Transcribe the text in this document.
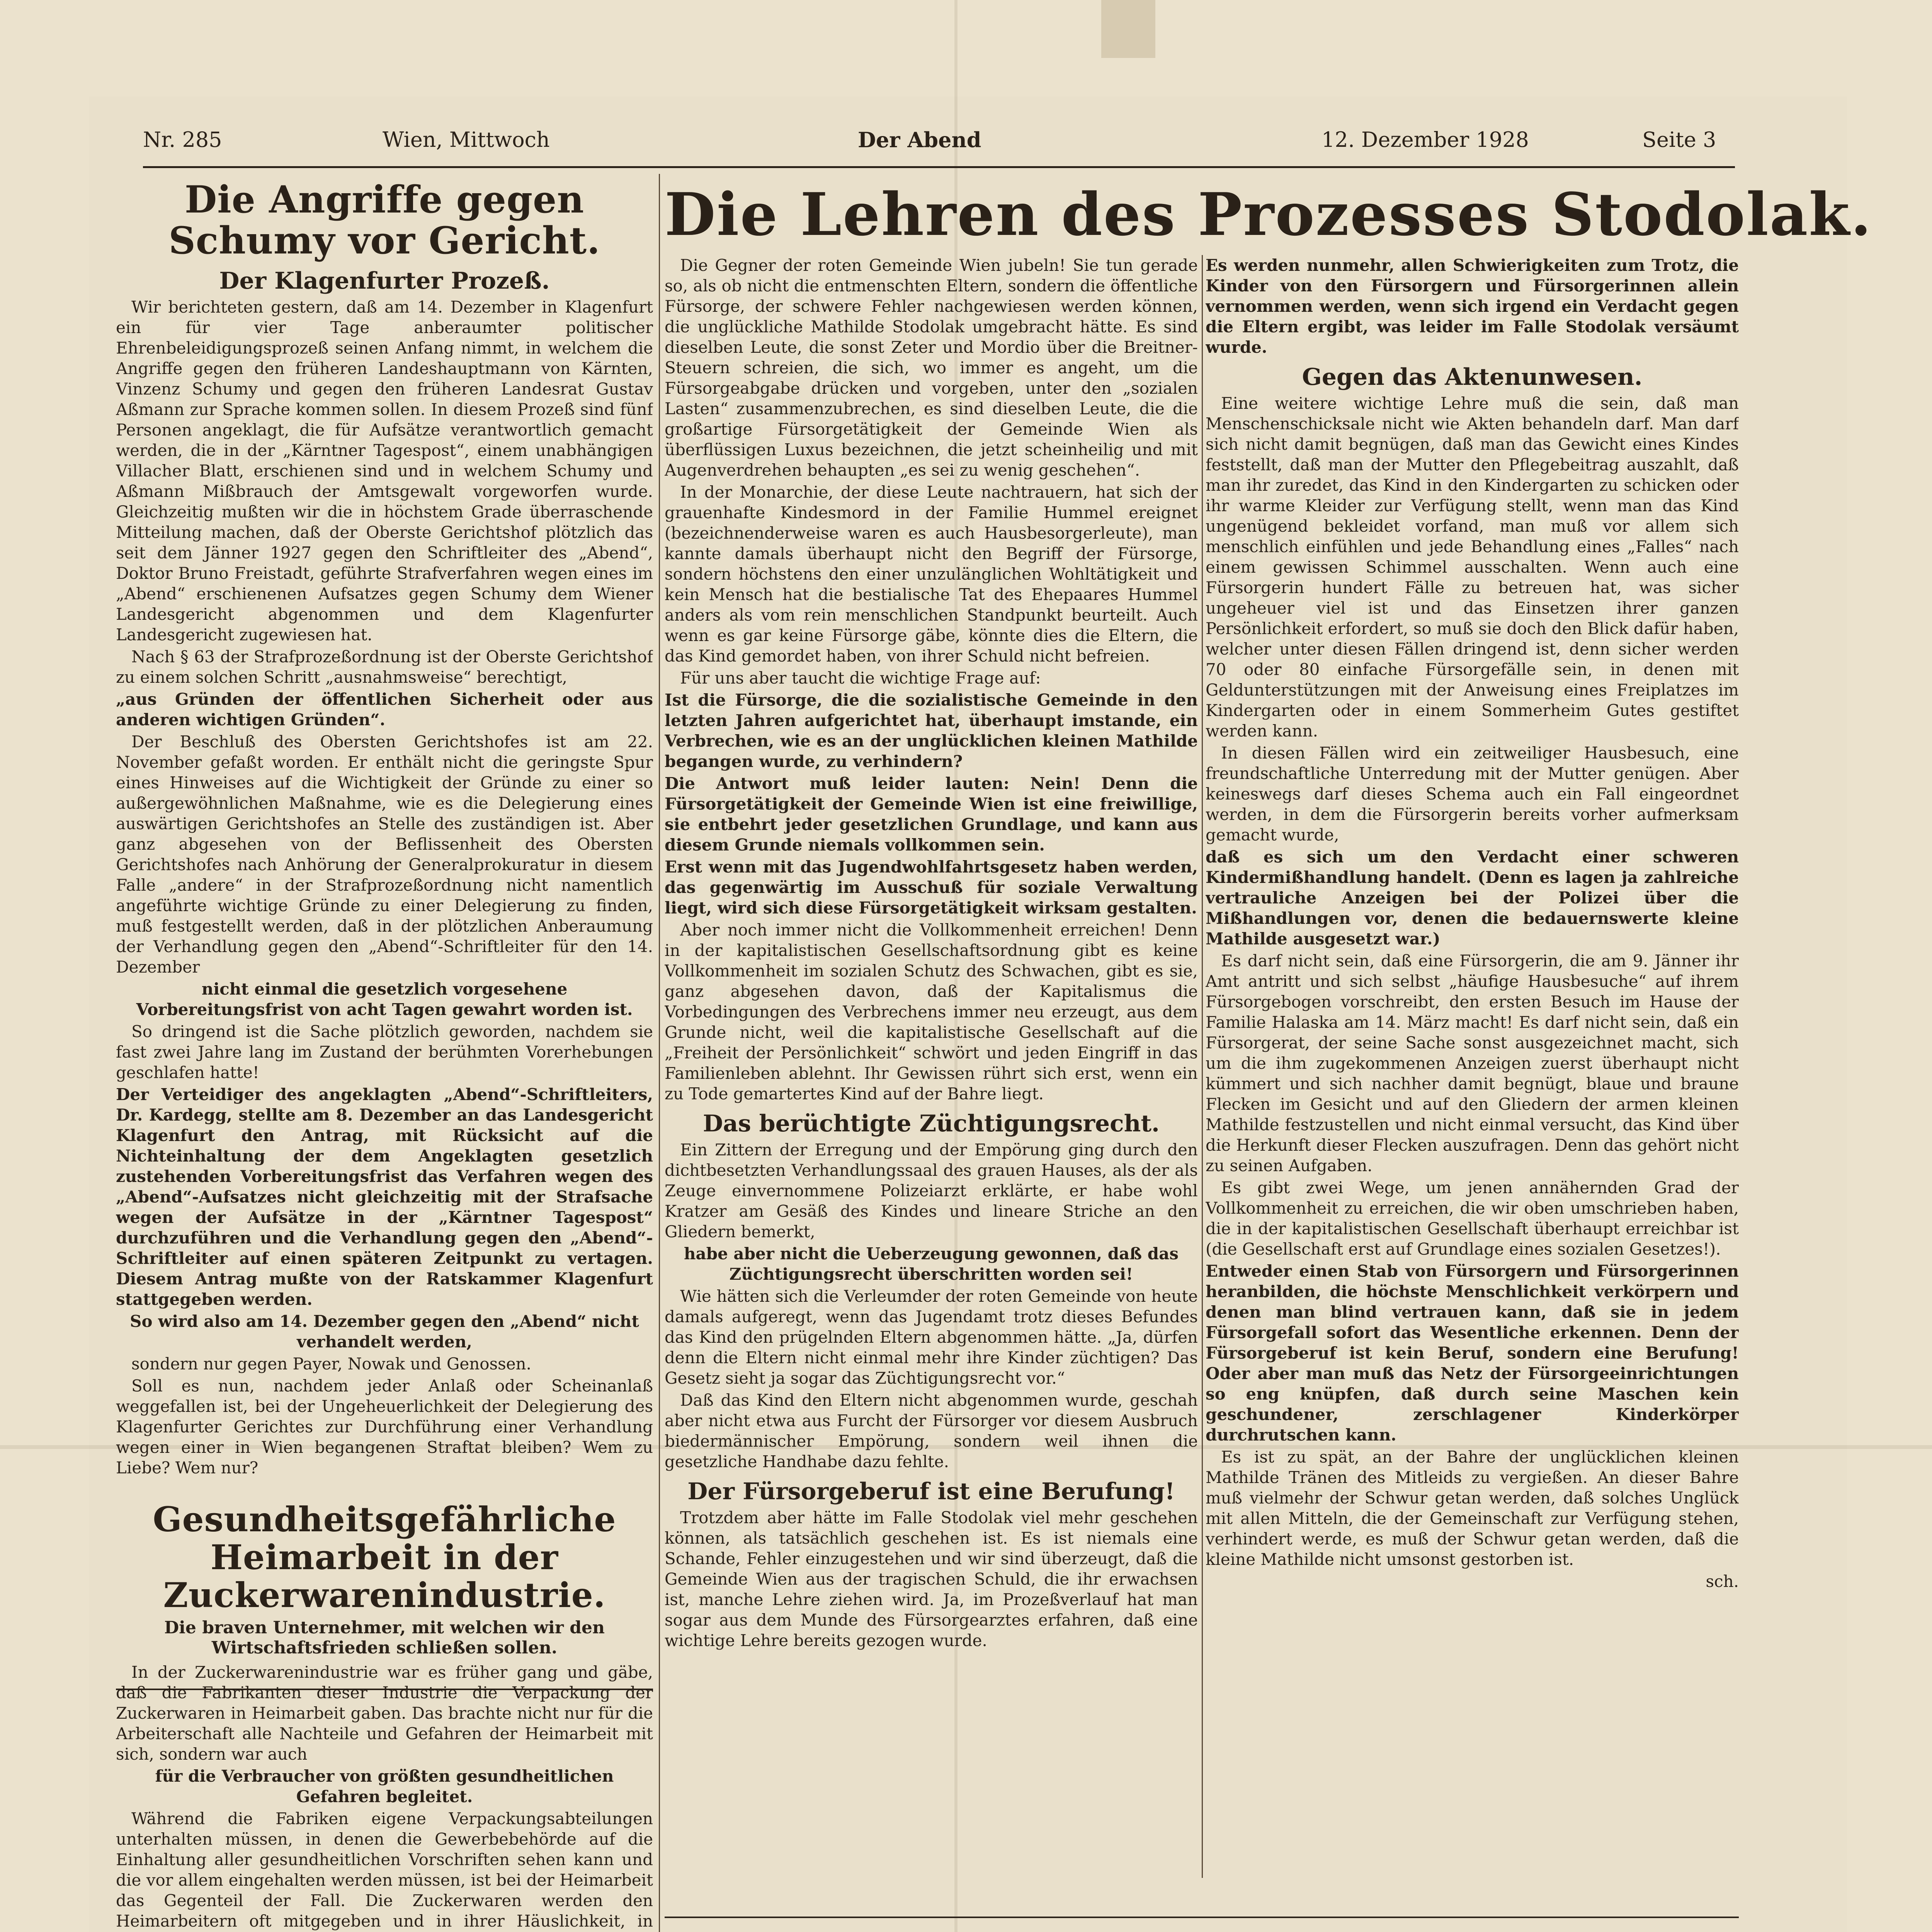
Nr. 285	Wien, Mittwoch	Der Abend	12. Dezember 1928	Seite 3
Die Angriffe gegen Schumy vor Gericht.
Der Klagenfurter Prozeß.

Wir berichteten gestern, daß am 14. Dezember in Klagenfurt ein für vier Tage anberaumter politischer Ehrenbeleidigungsprozeß seinen Anfang nimmt, in welchem die Angriffe gegen den früheren Landeshauptmann von Kärnten, Vinzenz Schumy und gegen den früheren Landesrat Gustav Aßmann zur Sprache kommen sollen. In diesem Prozeß sind fünf Personen angeklagt, die für Aufsätze verantwortlich gemacht werden, die in der „Kärntner Tagespost“, einem unabhängigen Villacher Blatt, erschienen sind und in welchem Schumy und Aßmann Mißbrauch der Amtsgewalt vorgeworfen wurde. Gleichzeitig mußten wir die in höchstem Grade überraschende Mitteilung machen, daß der Oberste Gerichtshof plötzlich das seit dem Jänner 1927 gegen den Schriftleiter des „Abend“, Doktor Bruno Freistadt, geführte Strafverfahren wegen eines im „Abend“ erschienenen Aufsatzes gegen Schumy dem Wiener Landesgericht abgenommen und dem Klagenfurter Landesgericht zugewiesen hat.

Nach § 63 der Strafprozeßordnung ist der Oberste Gerichtshof zu einem solchen Schritt „ausnahmsweise“ berechtigt,

„aus Gründen der öffentlichen Sicherheit oder aus anderen wichtigen Gründen“.

Der Beschluß des Obersten Gerichtshofes ist am 22. November gefaßt worden. Er enthält nicht die geringste Spur eines Hinweises auf die Wichtigkeit der Gründe zu einer so außergewöhnlichen Maßnahme, wie es die Delegierung eines auswärtigen Gerichtshofes an Stelle des zuständigen ist. Aber ganz abgesehen von der Beflissenheit des Obersten Gerichtshofes nach Anhörung der Generalprokuratur in diesem Falle „andere“ in der Strafprozeßordnung nicht namentlich angeführte wichtige Gründe zu einer Delegierung zu finden, muß festgestellt werden, daß in der plötzlichen Anberaumung der Verhandlung gegen den „Abend“-Schriftleiter für den 14. Dezember

nicht einmal die gesetzlich vorgesehene Vorbereitungsfrist von acht Tagen gewahrt worden ist.

So dringend ist die Sache plötzlich geworden, nachdem sie fast zwei Jahre lang im Zustand der berühmten Vorerhebungen geschlafen hatte!

Der Verteidiger des angeklagten „Abend“-Schriftleiters, Dr. Kardegg, stellte am 8. Dezember an das Landesgericht Klagenfurt den Antrag, mit Rücksicht auf die Nichteinhaltung der dem Angeklagten gesetzlich zustehenden Vorbereitungsfrist das Verfahren wegen des „Abend“-Aufsatzes nicht gleichzeitig mit der Strafsache wegen der Aufsätze in der „Kärntner Tagespost“ durchzuführen und die Verhandlung gegen den „Abend“-Schriftleiter auf einen späteren Zeitpunkt zu vertagen. Diesem Antrag mußte von der Ratskammer Klagenfurt stattgegeben werden.

So wird also am 14. Dezember gegen den „Abend“ nicht verhandelt werden,

sondern nur gegen Payer, Nowak und Genossen.

Soll es nun, nachdem jeder Anlaß oder Scheinanlaß weggefallen ist, bei der Ungeheuerlichkeit der Delegierung des Klagenfurter Gerichtes zur Durchführung einer Verhandlung wegen einer in Wien begangenen Straftat bleiben? Wem zu Liebe? Wem nur?

Gesundheitsgefährliche Heimarbeit in der Zuckerwarenindustrie.
Die braven Unternehmer, mit welchen wir den Wirtschaftsfrieden schließen sollen.

In der Zuckerwarenindustrie war es früher gang und gäbe, daß die Fabrikanten dieser Industrie die Verpackung der Zuckerwaren in Heimarbeit gaben. Das brachte nicht nur für die Arbeiterschaft alle Nachteile und Gefahren der Heimarbeit mit sich, sondern war auch

für die Verbraucher von größten gesundheitlichen Gefahren begleitet.

Während die Fabriken eigene Verpackungsabteilungen unterhalten müssen, in denen die Gewerbebehörde auf die Einhaltung aller gesundheitlichen Vorschriften sehen kann und die vor allem eingehalten werden müssen, ist bei der Heimarbeit das Gegenteil der Fall. Die Zuckerwaren werden den Heimarbeitern oft mitgegeben und in ihrer Häuslichkeit, in

Die Lehren des Prozesses Stodolak.

Die Gegner der roten Gemeinde Wien jubeln! Sie tun gerade so, als ob nicht die entmenschten Eltern, sondern die öffentliche Fürsorge, der schwere Fehler nachgewiesen werden können, die unglückliche Mathilde Stodolak umgebracht hätte. Es sind dieselben Leute, die sonst Zeter und Mordio über die Breitner-Steuern schreien, die sich, wo immer es angeht, um die Fürsorgeabgabe drücken und vorgeben, unter den „sozialen Lasten“ zusammenzubrechen, es sind dieselben Leute, die die großartige Fürsorgetätigkeit der Gemeinde Wien als überflüssigen Luxus bezeichnen, die jetzt scheinheilig und mit Augenverdrehen behaupten „es sei zu wenig geschehen“.

In der Monarchie, der diese Leute nachtrauern, hat sich der grauenhafte Kindesmord in der Familie Hummel ereignet (bezeichnenderweise waren es auch Hausbesorgerleute), man kannte damals überhaupt nicht den Begriff der Fürsorge, sondern höchstens den einer unzulänglichen Wohltätigkeit und kein Mensch hat die bestialische Tat des Ehepaares Hummel anders als vom rein menschlichen Standpunkt beurteilt. Auch wenn es gar keine Fürsorge gäbe, könnte dies die Eltern, die das Kind gemordet haben, von ihrer Schuld nicht befreien.

Für uns aber taucht die wichtige Frage auf:

Ist die Fürsorge, die die sozialistische Gemeinde in den letzten Jahren aufgerichtet hat, überhaupt imstande, ein Verbrechen, wie es an der unglücklichen kleinen Mathilde begangen wurde, zu verhindern?

Die Antwort muß leider lauten: Nein! Denn die Fürsorgetätigkeit der Gemeinde Wien ist eine freiwillige, sie entbehrt jeder gesetzlichen Grundlage, und kann aus diesem Grunde niemals vollkommen sein.

Erst wenn mit das Jugendwohlfahrtsgesetz haben werden, das gegenwärtig im Ausschuß für soziale Verwaltung liegt, wird sich diese Fürsorgetätigkeit wirksam gestalten.

Aber noch immer nicht die Vollkommenheit erreichen! Denn in der kapitalistischen Gesellschaftsordnung gibt es keine Vollkommenheit im sozialen Schutz des Schwachen, gibt es sie, ganz abgesehen davon, daß der Kapitalismus die Vorbedingungen des Verbrechens immer neu erzeugt, aus dem Grunde nicht, weil die kapitalistische Gesellschaft auf die „Freiheit der Persönlichkeit“ schwört und jeden Eingriff in das Familienleben ablehnt. Ihr Gewissen rührt sich erst, wenn ein zu Tode gemartertes Kind auf der Bahre liegt.

Das berüchtigte Züchtigungsrecht.

Ein Zittern der Erregung und der Empörung ging durch den dichtbesetzten Verhandlungssaal des grauen Hauses, als der als Zeuge einvernommene Polizeiarzt erklärte, er habe wohl Kratzer am Gesäß des Kindes und lineare Striche an den Gliedern bemerkt,

habe aber nicht die Ueberzeugung gewonnen, daß das Züchtigungsrecht überschritten worden sei!

Wie hätten sich die Verleumder der roten Gemeinde von heute damals aufgeregt, wenn das Jugendamt trotz dieses Befundes das Kind den prügelnden Eltern abgenommen hätte. „Ja, dürfen denn die Eltern nicht einmal mehr ihre Kinder züchtigen? Das Gesetz sieht ja sogar das Züchtigungsrecht vor.“

Daß das Kind den Eltern nicht abgenommen wurde, geschah aber nicht etwa aus Furcht der Fürsorger vor diesem Ausbruch biedermännischer Empörung, sondern weil ihnen die gesetzliche Handhabe dazu fehlte.

Der Fürsorgeberuf ist eine Berufung!

Trotzdem aber hätte im Falle Stodolak viel mehr geschehen können, als tatsächlich geschehen ist. Es ist niemals eine Schande, Fehler einzugestehen und wir sind überzeugt, daß die Gemeinde Wien aus der tragischen Schuld, die ihr erwachsen ist, manche Lehre ziehen wird. Ja, im Prozeßverlauf hat man sogar aus dem Munde des Fürsorgearztes erfahren, daß eine wichtige Lehre bereits gezogen wurde.

Es werden nunmehr, allen Schwierigkeiten zum Trotz, die Kinder von den Fürsorgern und Fürsorgerinnen allein vernommen werden, wenn sich irgend ein Verdacht gegen die Eltern ergibt, was leider im Falle Stodolak versäumt wurde.

Gegen das Aktenunwesen.

Eine weitere wichtige Lehre muß die sein, daß man Menschenschicksale nicht wie Akten behandeln darf. Man darf sich nicht damit begnügen, daß man das Gewicht eines Kindes feststellt, daß man der Mutter den Pflegebeitrag auszahlt, daß man ihr zuredet, das Kind in den Kindergarten zu schicken oder ihr warme Kleider zur Verfügung stellt, wenn man das Kind ungenügend bekleidet vorfand, man muß vor allem sich menschlich einfühlen und jede Behandlung eines „Falles“ nach einem gewissen Schimmel ausschalten. Wenn auch eine Fürsorgerin hundert Fälle zu betreuen hat, was sicher ungeheuer viel ist und das Einsetzen ihrer ganzen Persönlichkeit erfordert, so muß sie doch den Blick dafür haben, welcher unter diesen Fällen dringend ist, denn sicher werden 70 oder 80 einfache Fürsorgefälle sein, in denen mit Geldunterstützungen mit der Anweisung eines Freiplatzes im Kindergarten oder in einem Sommerheim Gutes gestiftet werden kann.

In diesen Fällen wird ein zeitweiliger Hausbesuch, eine freundschaftliche Unterredung mit der Mutter genügen. Aber keineswegs darf dieses Schema auch ein Fall eingeordnet werden, in dem die Fürsorgerin bereits vorher aufmerksam gemacht wurde,

daß es sich um den Verdacht einer schweren Kindermißhandlung handelt. (Denn es lagen ja zahlreiche vertrauliche Anzeigen bei der Polizei über die Mißhandlungen vor, denen die bedauernswerte kleine Mathilde ausgesetzt war.)

Es darf nicht sein, daß eine Fürsorgerin, die am 9. Jänner ihr Amt antritt und sich selbst „häufige Hausbesuche“ auf ihrem Fürsorgebogen vorschreibt, den ersten Besuch im Hause der Familie Halaska am 14. März macht! Es darf nicht sein, daß ein Fürsorgerat, der seine Sache sonst ausgezeichnet macht, sich um die ihm zugekommenen Anzeigen zuerst überhaupt nicht kümmert und sich nachher damit begnügt, blaue und braune Flecken im Gesicht und auf den Gliedern der armen kleinen Mathilde festzustellen und nicht einmal versucht, das Kind über die Herkunft dieser Flecken auszufragen. Denn das gehört nicht zu seinen Aufgaben.

Es gibt zwei Wege, um jenen annähernden Grad der Vollkommenheit zu erreichen, die wir oben umschrieben haben, die in der kapitalistischen Gesellschaft überhaupt erreichbar ist (die Gesellschaft erst auf Grundlage eines sozialen Gesetzes!).

Entweder einen Stab von Fürsorgern und Fürsorgerinnen heranbilden, die höchste Menschlichkeit verkörpern und denen man blind vertrauen kann, daß sie in jedem Fürsorgefall sofort das Wesentliche erkennen. Denn der Fürsorgeberuf ist kein Beruf, sondern eine Berufung! Oder aber man muß das Netz der Fürsorgeeinrichtungen so eng knüpfen, daß durch seine Maschen kein geschundener, zerschlagener Kinderkörper durchrutschen kann.

Es ist zu spät, an der Bahre der unglücklichen kleinen Mathilde Tränen des Mitleids zu vergießen. An dieser Bahre muß vielmehr der Schwur getan werden, daß solches Unglück mit allen Mitteln, die der Gemeinschaft zur Verfügung stehen, verhindert werde, es muß der Schwur getan werden, daß die kleine Mathilde nicht umsonst gestorben ist.

sch.
